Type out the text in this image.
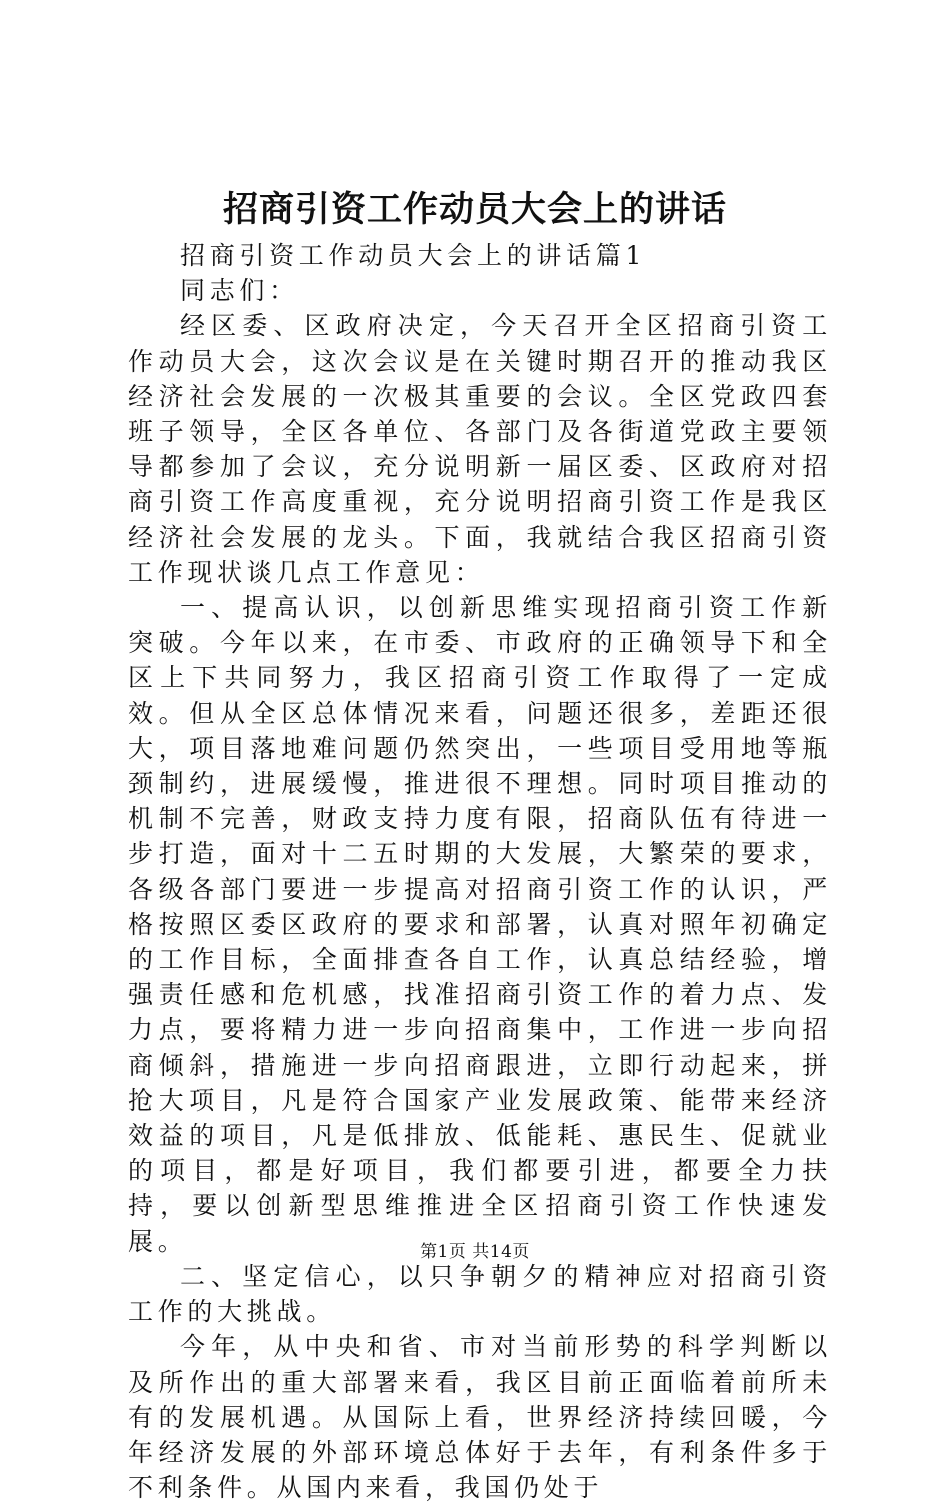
招商引资工作动员大会上的讲话

招商引资工作动员大会上的讲话篇1

同志们：

经区委、区政府决定，今天召开全区招商引资工作动员大会，这次会议是在关键时期召开的推动我区经济社会发展的一次极其重要的会议。全区党政四套班子领导，全区各单位、各部门及各街道党政主要领导都参加了会议，充分说明新一届区委、区政府对招商引资工作高度重视，充分说明招商引资工作是我区经济社会发展的龙头。下面，我就结合我区招商引资工作现状谈几点工作意见：

一、提高认识，以创新思维实现招商引资工作新突破。今年以来，在市委、市政府的正确领导下和全区上下共同努力，我区招商引资工作取得了一定成效。但从全区总体情况来看，问题还很多，差距还很大，项目落地难问题仍然突出，一些项目受用地等瓶颈制约，进展缓慢，推进很不理想。同时项目推动的机制不完善，财政支持力度有限，招商队伍有待进一步打造，面对十二五时期的大发展，大繁荣的要求，各级各部门要进一步提高对招商引资工作的认识，严格按照区委区政府的要求和部署，认真对照年初确定的工作目标，全面排查各自工作，认真总结经验，增强责任感和危机感，找准招商引资工作的着力点、发力点，要将精力进一步向招商集中，工作进一步向招商倾斜，措施进一步向招商跟进，立即行动起来，拼抢大项目，凡是符合国家产业发展政策、能带来经济效益的项目，凡是低排放、低能耗、惠民生、促就业的项目，都是好项目，我们都要引进，都要全力扶持，要以创新型思维推进全区招商引资工作快速发展。

二、坚定信心，以只争朝夕的精神应对招商引资工作的大挑战。

今年，从中央和省、市对当前形势的科学判断以及所作出的重大部署来看，我区目前正面临着前所未有的发展机遇。从国际上看，世界经济持续回暖，今年经济发展的外部环境总体好于去年，有利条件多于不利条件。从国内来看，我国仍处于

第1页 共14页
